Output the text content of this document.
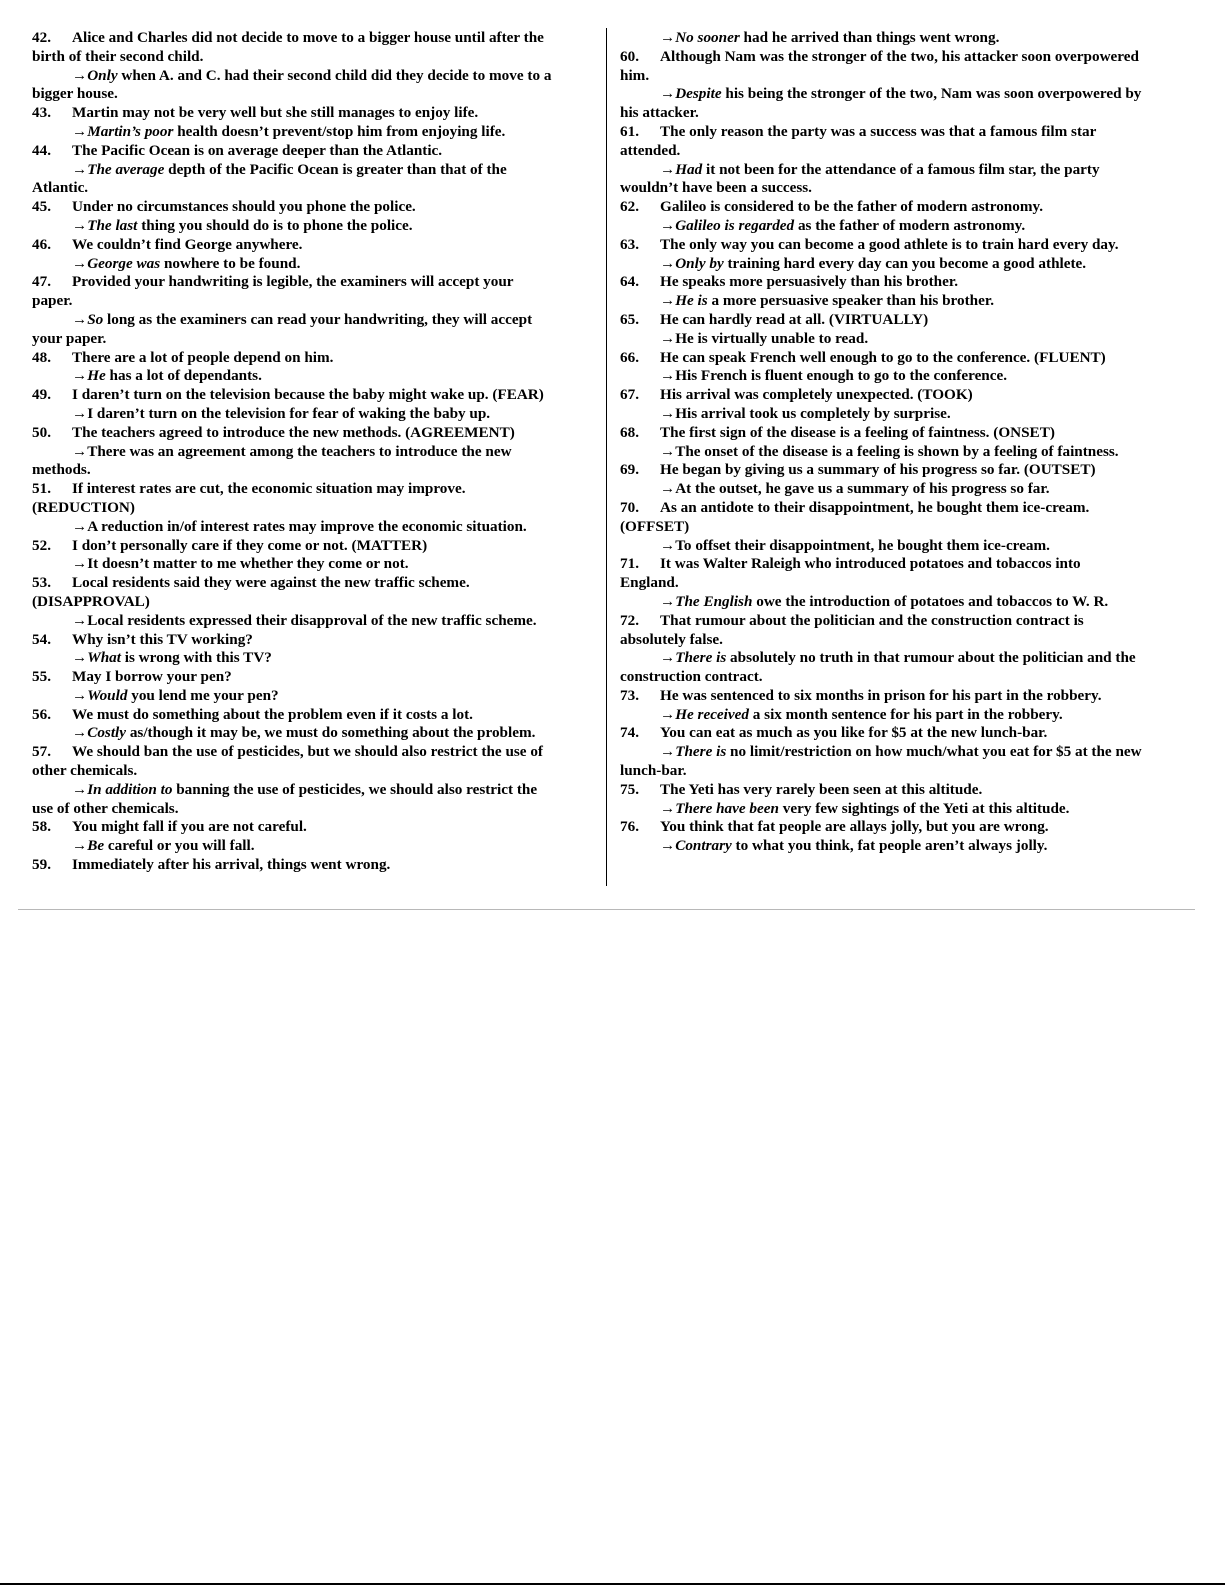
42. Alice and Charles did not decide to move to a bigger house until after the
birth of their second child.
→Only when A. and C. had their second child did they decide to move to a
bigger house.
43. Martin may not be very well but she still manages to enjoy life.
→Martin’s poor health doesn’t prevent/stop him from enjoying life.
44. The Pacific Ocean is on average deeper than the Atlantic.
→The average depth of the Pacific Ocean is greater than that of the
Atlantic.
45. Under no circumstances should you phone the police.
→The last thing you should do is to phone the police.
46. We couldn’t find George anywhere.
→George was nowhere to be found.
47. Provided your handwriting is legible, the examiners will accept your
paper.
→So long as the examiners can read your handwriting, they will accept
your paper.
48. There are a lot of people depend on him.
→He has a lot of dependants.
49. I daren’t turn on the television because the baby might wake up. (FEAR)
→I daren’t turn on the television for fear of waking the baby up.
50. The teachers agreed to introduce the new methods. (AGREEMENT)
→There was an agreement among the teachers to introduce the new
methods.
51. If interest rates are cut, the economic situation may improve.
(REDUCTION)
→A reduction in/of interest rates may improve the economic situation.
52. I don’t personally care if they come or not. (MATTER)
→It doesn’t matter to me whether they come or not.
53. Local residents said they were against the new traffic scheme.
(DISAPPROVAL)
→Local residents expressed their disapproval of the new traffic scheme.
54. Why isn’t this TV working?
→What is wrong with this TV?
55. May I borrow your pen?
→Would you lend me your pen?
56. We must do something about the problem even if it costs a lot.
→Costly as/though it may be, we must do something about the problem.
57. We should ban the use of pesticides, but we should also restrict the use of
other chemicals.
→In addition to banning the use of pesticides, we should also restrict the
use of other chemicals.
58. You might fall if you are not careful.
→Be careful or you will fall.
59. Immediately after his arrival, things went wrong.
→No sooner had he arrived than things went wrong.
60. Although Nam was the stronger of the two, his attacker soon overpowered
him.
→Despite his being the stronger of the two, Nam was soon overpowered by
his attacker.
61. The only reason the party was a success was that a famous film star
attended.
→Had it not been for the attendance of a famous film star, the party
wouldn’t have been a success.
62. Galileo is considered to be the father of modern astronomy.
→Galileo is regarded as the father of modern astronomy.
63. The only way you can become a good athlete is to train hard every day.
→Only by training hard every day can you become a good athlete.
64. He speaks more persuasively than his brother.
→He is a more persuasive speaker than his brother.
65. He can hardly read at all. (VIRTUALLY)
→He is virtually unable to read.
66. He can speak French well enough to go to the conference. (FLUENT)
→His French is fluent enough to go to the conference.
67. His arrival was completely unexpected. (TOOK)
→His arrival took us completely by surprise.
68. The first sign of the disease is a feeling of faintness. (ONSET)
→The onset of the disease is a feeling is shown by a feeling of faintness.
69. He began by giving us a summary of his progress so far. (OUTSET)
→At the outset, he gave us a summary of his progress so far.
70. As an antidote to their disappointment, he bought them ice-cream.
(OFFSET)
→To offset their disappointment, he bought them ice-cream.
71. It was Walter Raleigh who introduced potatoes and tobaccos into
England.
→The English owe the introduction of potatoes and tobaccos to W. R.
72. That rumour about the politician and the construction contract is
absolutely false.
→There is absolutely no truth in that rumour about the politician and the
construction contract.
73. He was sentenced to six months in prison for his part in the robbery.
→He received a six month sentence for his part in the robbery.
74. You can eat as much as you like for $5 at the new lunch-bar.
→There is no limit/restriction on how much/what you eat for $5 at the new
lunch-bar.
75. The Yeti has very rarely been seen at this altitude.
→There have been very few sightings of the Yeti at this altitude.
76. You think that fat people are allays jolly, but you are wrong.
→Contrary to what you think, fat people aren’t always jolly.
